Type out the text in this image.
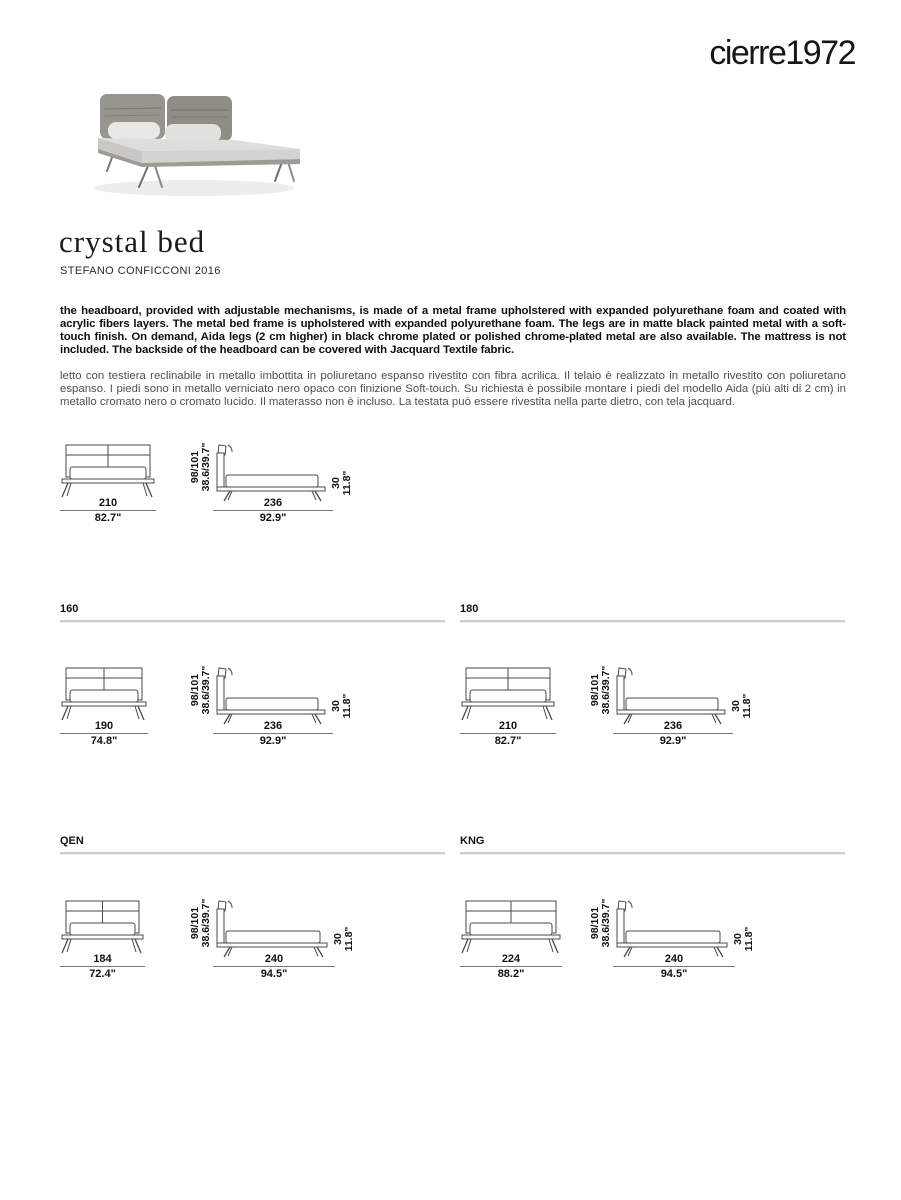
cierre1972
crystal bed
STEFANO CONFICCONI 2016

the headboard, provided with adjustable mechanisms, is made of a metal frame upholstered with expanded polyurethane foam and coated with acrylic fibers layers. The metal bed frame is upholstered with expanded polyurethane foam. The legs are in matte black painted metal with a soft-touch finish. On demand, Aida legs (2 cm higher) in black chrome plated or polished chrome-plated metal are also available. The mattress is not included. The backside of the headboard can be covered with Jacquard Textile fabric.

letto con testiera reclinabile in metallo imbottita in poliuretano espanso rivestito con fibra acrilica. Il telaio è realizzato in metallo rivestito con poliuretano espanso. I piedi sono in metallo verniciato nero opaco con finizione Soft-touch. Su richiesta è possibile montare i piedi del modello Aida (più alti di 2 cm) in metallo cromato nero o cromato lucido. Il materasso non è incluso. La testata può essere rivestita nella parte dietro, con tela jacquard.

160	180
QEN	KNG
210
82.7"
98/101 38.6/39.7"	30 11.8"
236
92.9"
190
74.8"
98/101 38.6/39.7"	30 11.8"
236
92.9"
210
82.7"
98/101 38.6/39.7"	30 11.8"
236
92.9"
184
72.4"
98/101 38.6/39.7"	30 11.8"
240
94.5"
224
88.2"
98/101 38.6/39.7"	30 11.8"
240
94.5"
